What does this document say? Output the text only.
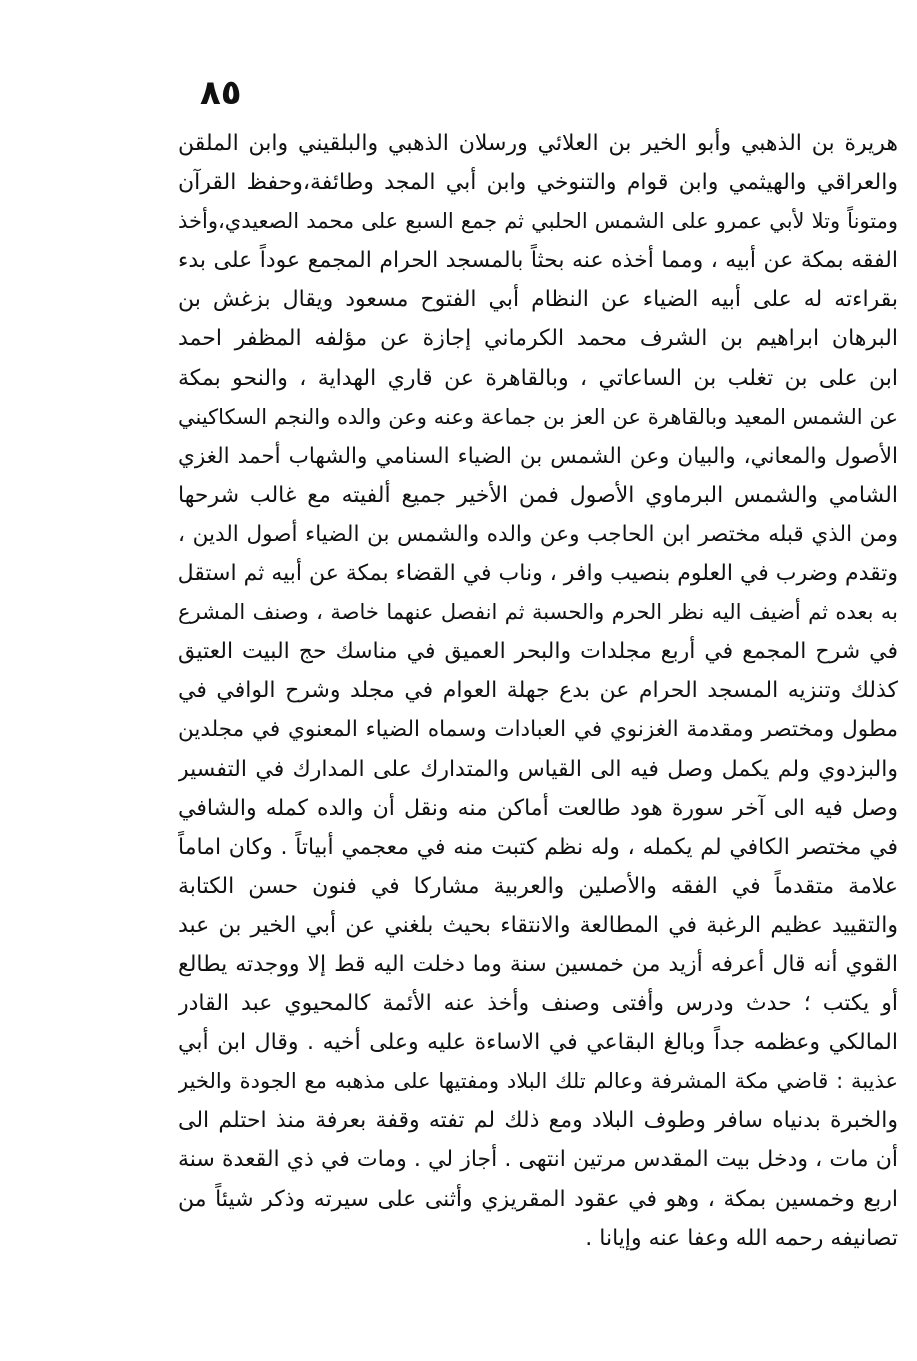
٨٥
هريرة بن الذهبي وأبو الخير بن العلائي ورسلان الذهبي والبلقيني وابن الملقن
والعراقي والهيثمي وابن قوام والتنوخي وابن أبي المجد وطائفة،وحفظ القرآن
ومتوناً وتلا لأبي عمرو على الشمس الحلبي ثم جمع السبع على محمد الصعيدي،وأخذ
الفقه بمكة عن أبيه ، ومما أخذه عنه بحثاً بالمسجد الحرام المجمع عوداً على بدء
بقراءته له على أبيه الضياء عن النظام أبي الفتوح مسعود ويقال بزغش بن
البرهان ابراهيم بن الشرف محمد الكرماني إجازة عن مؤلفه المظفر احمد
ابن على بن تغلب بن الساعاتي ، وبالقاهرة عن قاري الهداية ، والنحو بمكة
عن الشمس المعيد وبالقاهرة عن العز بن جماعة وعنه وعن والده والنجم السكاكيني
الأصول والمعاني، والبيان وعن الشمس بن الضياء السنامي والشهاب أحمد الغزي
الشامي والشمس البرماوي الأصول فمن الأخير جميع ألفيته مع غالب شرحها
ومن الذي قبله مختصر ابن الحاجب وعن والده والشمس بن الضياء أصول الدين ،
وتقدم وضرب في العلوم بنصيب وافر ، وناب في القضاء بمكة عن أبيه ثم استقل
به بعده ثم أضيف اليه نظر الحرم والحسبة ثم انفصل عنهما خاصة ، وصنف المشرع
في شرح المجمع في أربع مجلدات والبحر العميق في مناسك حج البيت العتيق
كذلك وتنزيه المسجد الحرام عن بدع جهلة العوام في مجلد وشرح الوافي في
مطول ومختصر ومقدمة الغزنوي في العبادات وسماه الضياء المعنوي في مجلدين
والبزدوي ولم يكمل وصل فيه الى القياس والمتدارك على المدارك في التفسير
وصل فيه الى آخر سورة هود طالعت أماكن منه ونقل أن والده كمله والشافي
في مختصر الكافي لم يكمله ، وله نظم كتبت منه في معجمي أبياتاً . وكان اماماً
علامة متقدماً في الفقه والأصلين والعربية مشاركا في فنون حسن الكتابة
والتقييد عظيم الرغبة في المطالعة والانتقاء بحيث بلغني عن أبي الخير بن عبد
القوي أنه قال أعرفه أزيد من خمسين سنة وما دخلت اليه قط إلا ووجدته يطالع
أو يكتب ؛ حدث ودرس وأفتى وصنف وأخذ عنه الأئمة كالمحيوي عبد القادر
المالكي وعظمه جداً وبالغ البقاعي في الاساءة عليه وعلى أخيه . وقال ابن أبي
عذيبة : قاضي مكة المشرفة وعالم تلك البلاد ومفتيها على مذهبه مع الجودة والخير
والخبرة بدنياه سافر وطوف البلاد ومع ذلك لم تفته وقفة بعرفة منذ احتلم الى
أن مات ، ودخل بيت المقدس مرتين انتهى . أجاز لي . ومات في ذي القعدة سنة
اربع وخمسين بمكة ، وهو في عقود المقريزي وأثنى على سيرته وذكر شيئاً من
تصانيفه رحمه الله وعفا عنه وإيانا .
